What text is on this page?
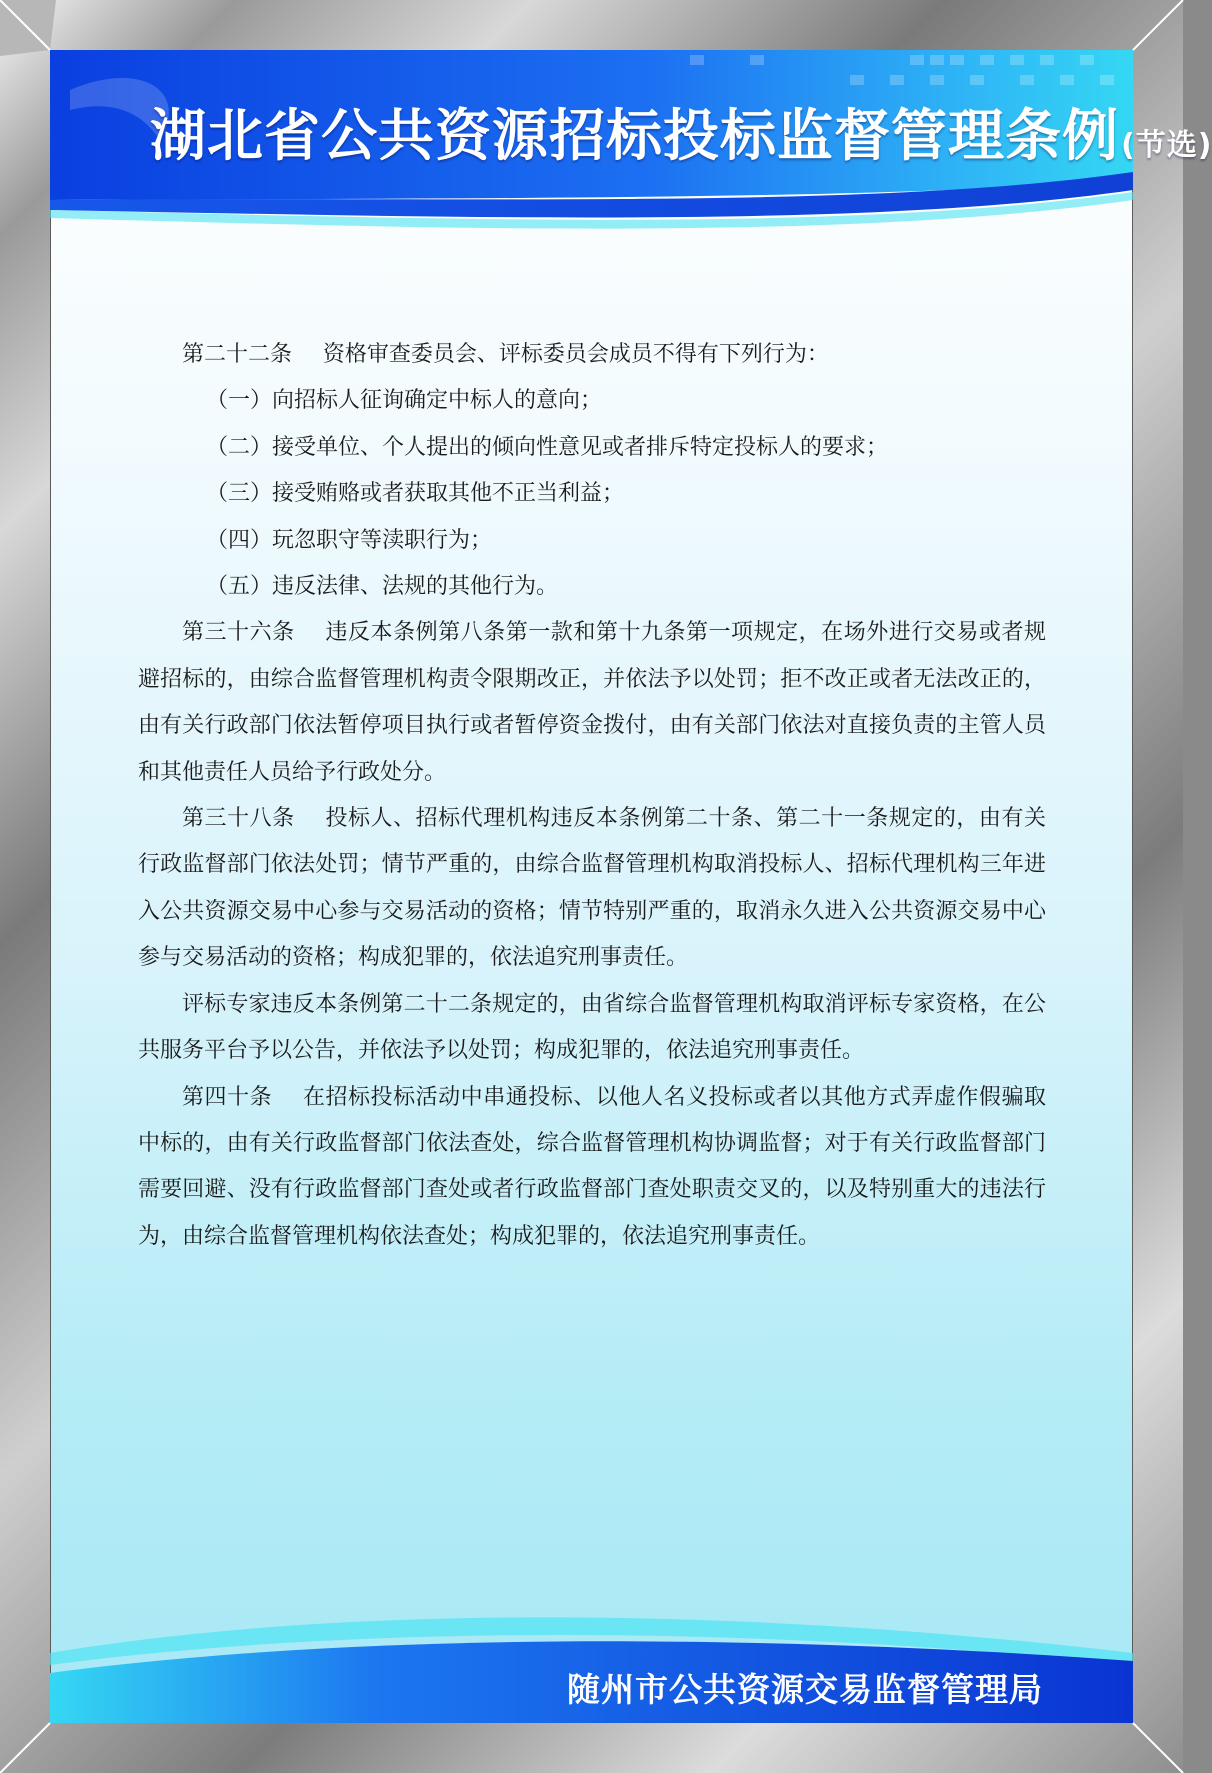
湖北省公共资源招标投标监督管理条例(节选)

第二十二条 资格审查委员会、评标委员会成员不得有下列行为：

（一）向招标人征询确定中标人的意向；

（二）接受单位、个人提出的倾向性意见或者排斥特定投标人的要求；

（三）接受贿赂或者获取其他不正当利益；

（四）玩忽职守等渎职行为；

（五）违反法律、法规的其他行为。

第三十六条 违反本条例第八条第一款和第十九条第一项规定，在场外进行交易或者规避招标的，由综合监督管理机构责令限期改正，并依法予以处罚；拒不改正或者无法改正的，由有关行政部门依法暂停项目执行或者暂停资金拨付，由有关部门依法对直接负责的主管人员和其他责任人员给予行政处分。

第三十八条 投标人、招标代理机构违反本条例第二十条、第二十一条规定的，由有关行政监督部门依法处罚；情节严重的，由综合监督管理机构取消投标人、招标代理机构三年进入公共资源交易中心参与交易活动的资格；情节特别严重的，取消永久进入公共资源交易中心参与交易活动的资格；构成犯罪的，依法追究刑事责任。

评标专家违反本条例第二十二条规定的，由省综合监督管理机构取消评标专家资格，在公共服务平台予以公告，并依法予以处罚；构成犯罪的，依法追究刑事责任。

第四十条 在招标投标活动中串通投标、以他人名义投标或者以其他方式弄虚作假骗取中标的，由有关行政监督部门依法查处，综合监督管理机构协调监督；对于有关行政监督部门需要回避、没有行政监督部门查处或者行政监督部门查处职责交叉的，以及特别重大的违法行为，由综合监督管理机构依法查处；构成犯罪的，依法追究刑事责任。

随州市公共资源交易监督管理局
